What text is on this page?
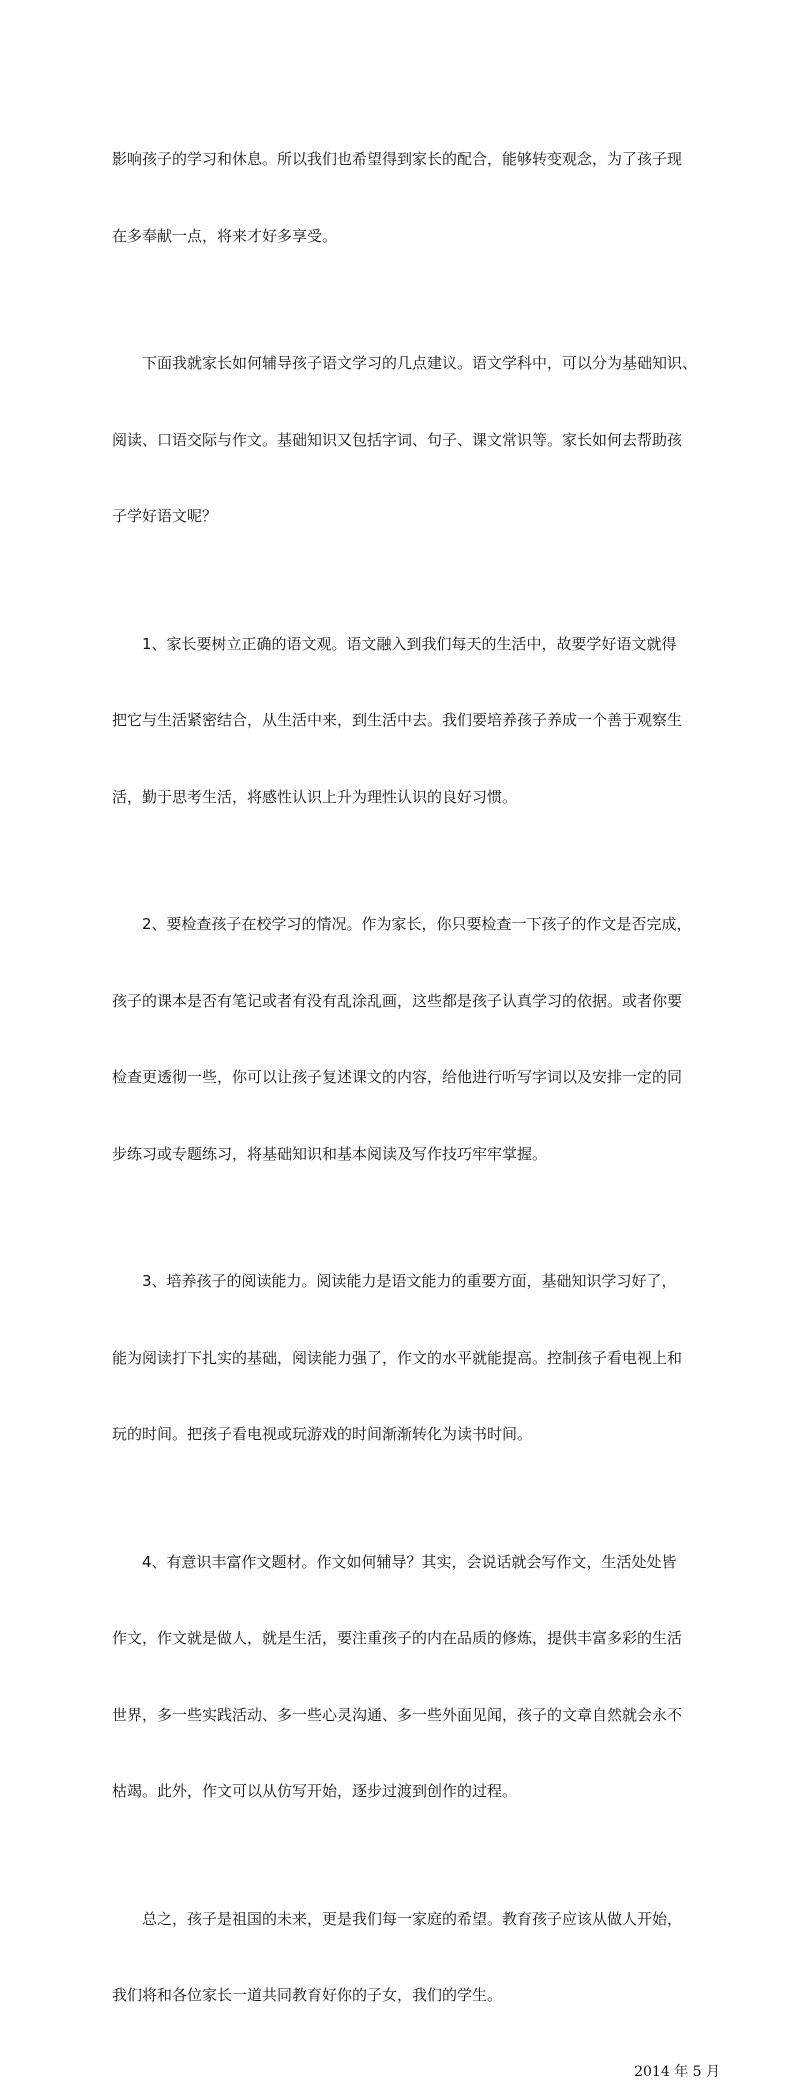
影响孩子的学习和休息。所以我们也希望得到家长的配合，能够转变观念，为了孩子现

在多奉献一点，将来才好多享受。

　　下面我就家长如何辅导孩子语文学习的几点建议。语文学科中，可以分为基础知识、

阅读、口语交际与作文。基础知识又包括字词、句子、课文常识等。家长如何去帮助孩

子学好语文呢？

　　1、家长要树立正确的语文观。语文融入到我们每天的生活中，故要学好语文就得

把它与生活紧密结合，从生活中来，到生活中去。我们要培养孩子养成一个善于观察生

活，勤于思考生活，将感性认识上升为理性认识的良好习惯。

　　2、要检查孩子在校学习的情况。作为家长，你只要检查一下孩子的作文是否完成，

孩子的课本是否有笔记或者有没有乱涂乱画，这些都是孩子认真学习的依据。或者你要

检查更透彻一些，你可以让孩子复述课文的内容，给他进行听写字词以及安排一定的同

步练习或专题练习，将基础知识和基本阅读及写作技巧牢牢掌握。

　　3、培养孩子的阅读能力。阅读能力是语文能力的重要方面，基础知识学习好了，

能为阅读打下扎实的基础，阅读能力强了，作文的水平就能提高。控制孩子看电视上和

玩的时间。把孩子看电视或玩游戏的时间渐渐转化为读书时间。

　　4、有意识丰富作文题材。作文如何辅导？其实，会说话就会写作文，生活处处皆

作文，作文就是做人，就是生活，要注重孩子的内在品质的修炼，提供丰富多彩的生活

世界，多一些实践活动、多一些心灵沟通、多一些外面见闻，孩子的文章自然就会永不

枯竭。此外，作文可以从仿写开始，逐步过渡到创作的过程。

　　总之，孩子是祖国的未来，更是我们每一家庭的希望。教育孩子应该从做人开始，

我们将和各位家长一道共同教育好你的子女，我们的学生。

2014 年 5 月
